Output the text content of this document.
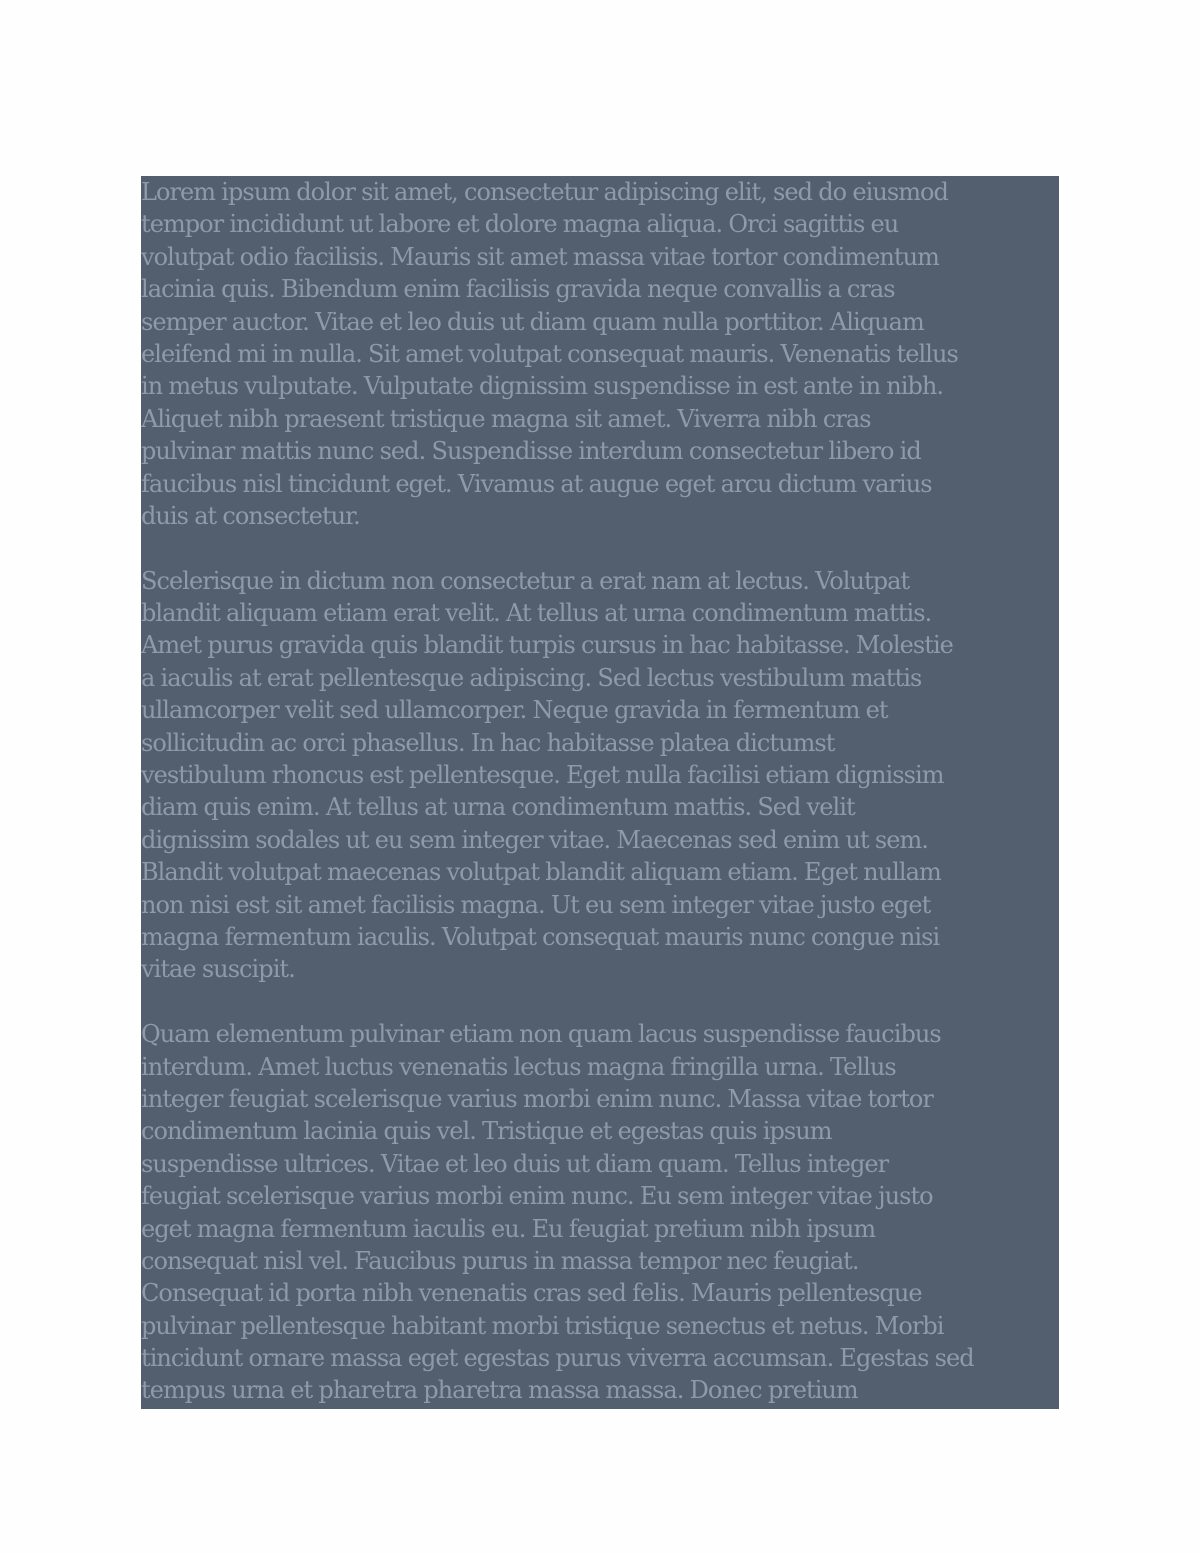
Lorem ipsum dolor sit amet, consectetur adipiscing elit, sed do eiusmod
tempor incididunt ut labore et dolore magna aliqua. Orci sagittis eu
volutpat odio facilisis. Mauris sit amet massa vitae tortor condimentum
lacinia quis. Bibendum enim facilisis gravida neque convallis a cras
semper auctor. Vitae et leo duis ut diam quam nulla porttitor. Aliquam
eleifend mi in nulla. Sit amet volutpat consequat mauris. Venenatis tellus
in metus vulputate. Vulputate dignissim suspendisse in est ante in nibh.
Aliquet nibh praesent tristique magna sit amet. Viverra nibh cras
pulvinar mattis nunc sed. Suspendisse interdum consectetur libero id
faucibus nisl tincidunt eget. Vivamus at augue eget arcu dictum varius
duis at consectetur.

Scelerisque in dictum non consectetur a erat nam at lectus. Volutpat
blandit aliquam etiam erat velit. At tellus at urna condimentum mattis.
Amet purus gravida quis blandit turpis cursus in hac habitasse. Molestie
a iaculis at erat pellentesque adipiscing. Sed lectus vestibulum mattis
ullamcorper velit sed ullamcorper. Neque gravida in fermentum et
sollicitudin ac orci phasellus. In hac habitasse platea dictumst
vestibulum rhoncus est pellentesque. Eget nulla facilisi etiam dignissim
diam quis enim. At tellus at urna condimentum mattis. Sed velit
dignissim sodales ut eu sem integer vitae. Maecenas sed enim ut sem.
Blandit volutpat maecenas volutpat blandit aliquam etiam. Eget nullam
non nisi est sit amet facilisis magna. Ut eu sem integer vitae justo eget
magna fermentum iaculis. Volutpat consequat mauris nunc congue nisi
vitae suscipit.

Quam elementum pulvinar etiam non quam lacus suspendisse faucibus
interdum. Amet luctus venenatis lectus magna fringilla urna. Tellus
integer feugiat scelerisque varius morbi enim nunc. Massa vitae tortor
condimentum lacinia quis vel. Tristique et egestas quis ipsum
suspendisse ultrices. Vitae et leo duis ut diam quam. Tellus integer
feugiat scelerisque varius morbi enim nunc. Eu sem integer vitae justo
eget magna fermentum iaculis eu. Eu feugiat pretium nibh ipsum
consequat nisl vel. Faucibus purus in massa tempor nec feugiat.
Consequat id porta nibh venenatis cras sed felis. Mauris pellentesque
pulvinar pellentesque habitant morbi tristique senectus et netus. Morbi
tincidunt ornare massa eget egestas purus viverra accumsan. Egestas sed
tempus urna et pharetra pharetra massa massa. Donec pretium
